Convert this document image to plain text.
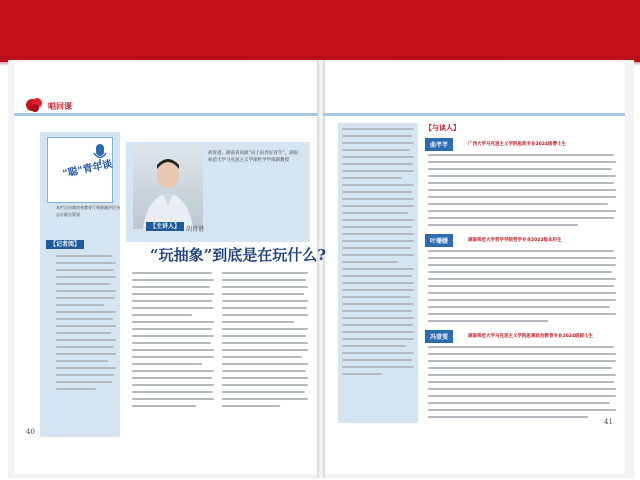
唱回课
"聪"青年谈
本栏目由湖南省教育厅和新湘评论杂志社联合策划
【记者阅】
胡青谱，湖南省高级“向上向善好青年”，湖南师范大学马克思主义学部哲学学部副教授
【主讲人】 胡青谱
“玩抽象”到底是在玩什么?
40
【与谈人】
曲芊芊	广西大学马克思主义学院思政专业2024级博士生
叶珊媛	湖南师范大学哲学学院哲学专业2022级本科生
冯壹雯	湖南师范大学马克思主义学院思想政治教育专业2024级硕士生
41
